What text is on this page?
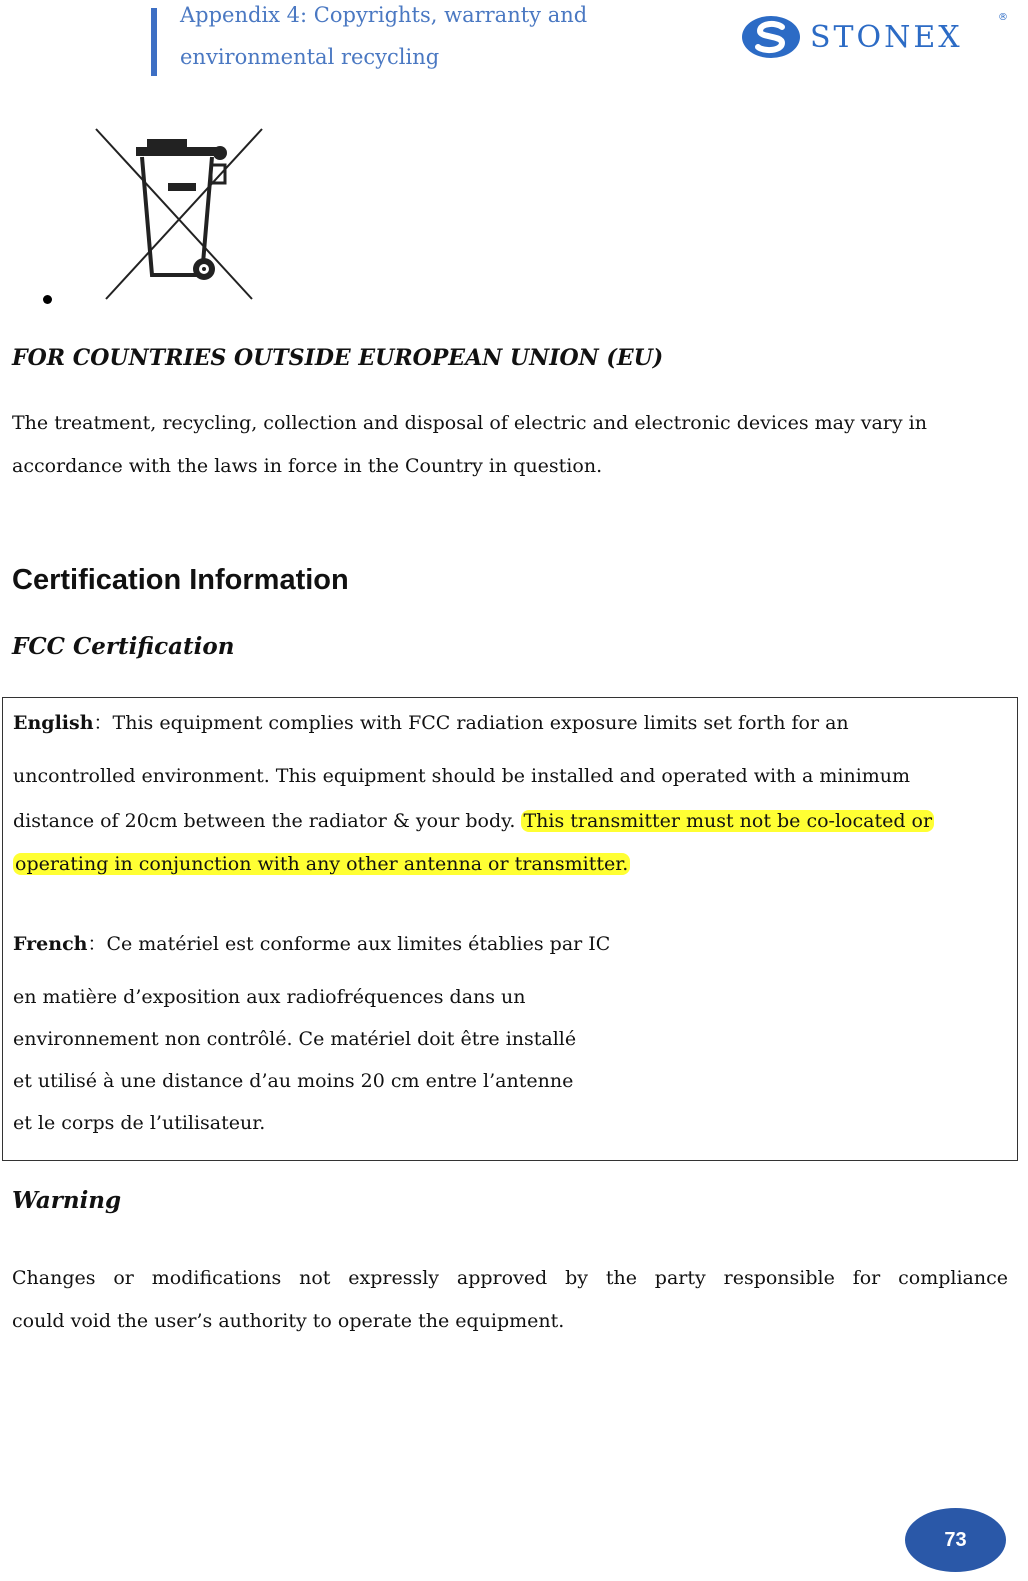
Appendix 4: Copyrights, warranty and environmental recycling
STONEX
®
FOR COUNTRIES OUTSIDE EUROPEAN UNION (EU)

The treatment, recycling, collection and disposal of electric and electronic devices may vary in

accordance with the laws in force in the Country in question.

Certification Information
FCC Certification
English：This equipment complies with FCC radiation exposure limits set forth for an
uncontrolled environment. This equipment should be installed and operated with a minimum
distance of 20cm between the radiator & your body. This transmitter must not be co-located or
operating in conjunction with any other antenna or transmitter.
French：Ce matériel est conforme aux limites établies par IC
en matière d’exposition aux radiofréquences dans un
environnement non contrôlé. Ce matériel doit être installé
et utilisé à une distance d’au moins 20 cm entre l’antenne
et le corps de l’utilisateur.
Warning

Changes or modifications not expressly approved by the party responsible for compliance

could void the user’s authority to operate the equipment.

73
